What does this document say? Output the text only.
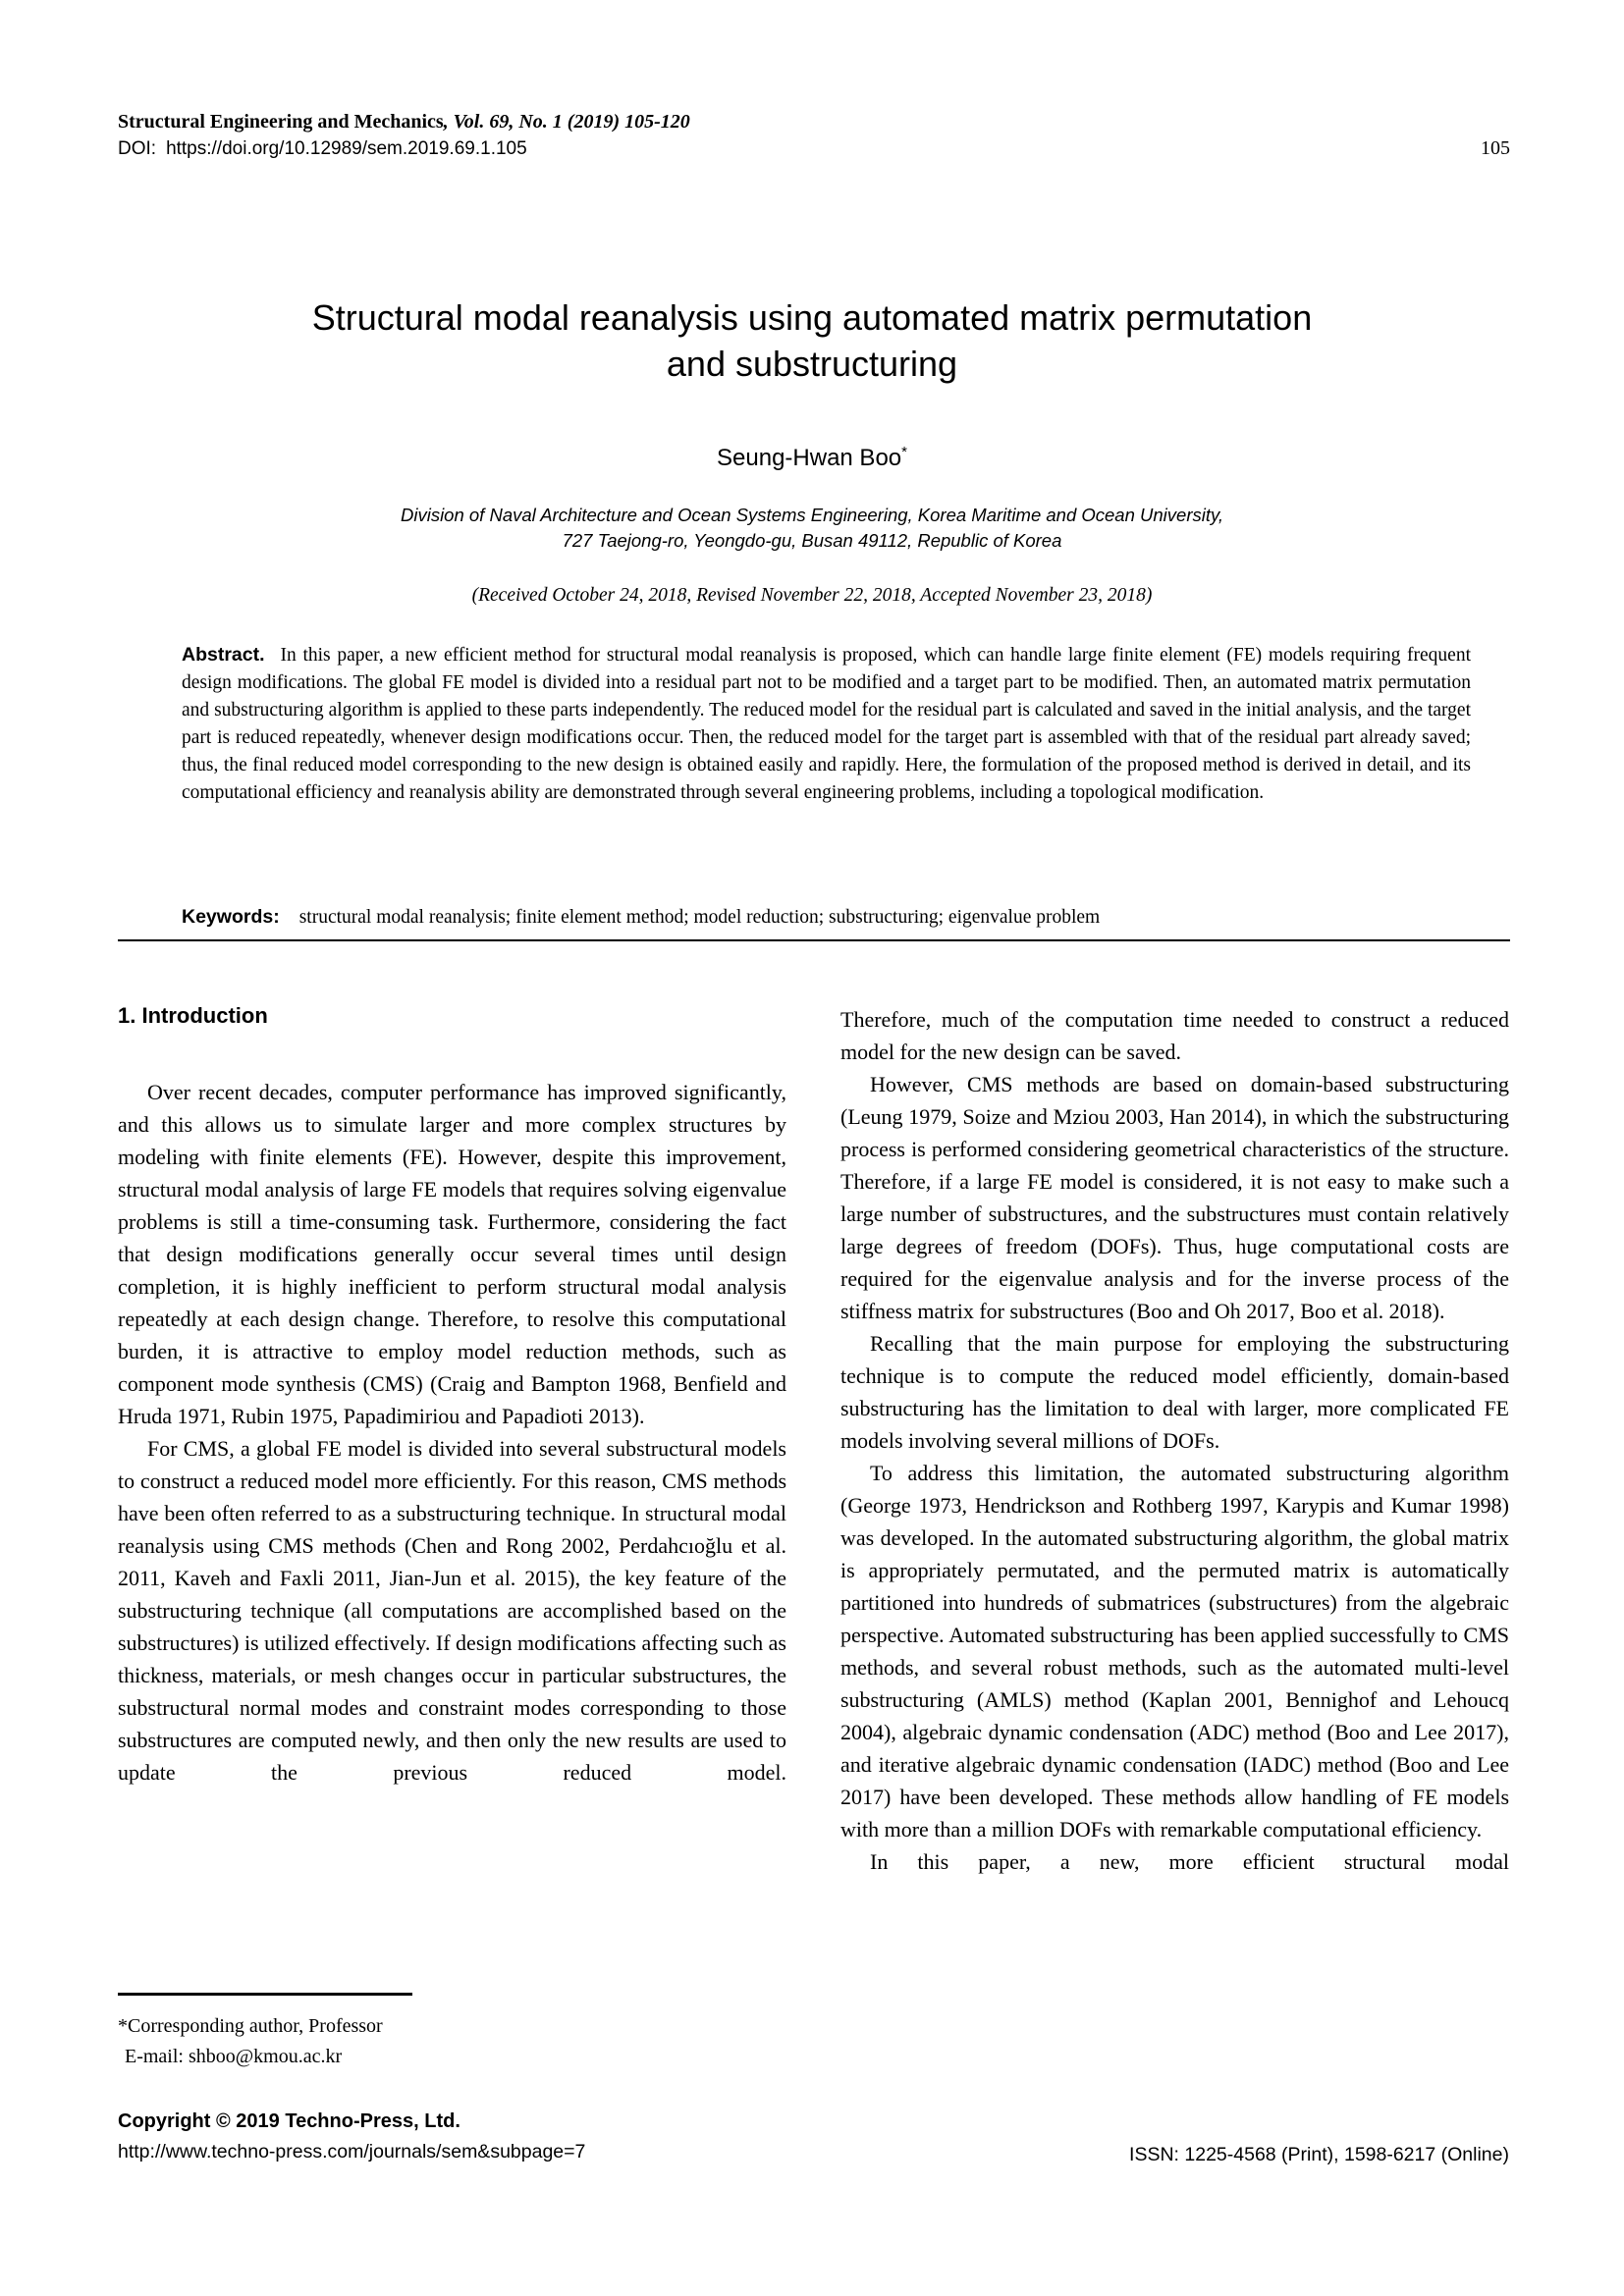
Structural Engineering and Mechanics, Vol. 69, No. 1 (2019) 105-120
DOI: https://doi.org/10.12989/sem.2019.69.1.105	105
Structural modal reanalysis using automated matrix permutation
and substructuring
Seung-Hwan Boo*
Division of Naval Architecture and Ocean Systems Engineering, Korea Maritime and Ocean University,
727 Taejong-ro, Yeongdo-gu, Busan 49112, Republic of Korea
(Received October 24, 2018, Revised November 22, 2018, Accepted November 23, 2018)
Abstract. In this paper, a new efficient method for structural modal reanalysis is proposed, which can handle large finite element (FE) models requiring frequent design modifications. The global FE model is divided into a residual part not to be modified and a target part to be modified. Then, an automated matrix permutation and substructuring algorithm is applied to these parts independently. The reduced model for the residual part is calculated and saved in the initial analysis, and the target part is reduced repeatedly, whenever design modifications occur. Then, the reduced model for the target part is assembled with that of the residual part already saved; thus, the final reduced model corresponding to the new design is obtained easily and rapidly. Here, the formulation of the proposed method is derived in detail, and its computational efficiency and reanalysis ability are demonstrated through several engineering problems, including a topological modification.
Keywords: structural modal reanalysis; finite element method; model reduction; substructuring; eigenvalue problem
1. Introduction

Over recent decades, computer performance has improved significantly, and this allows us to simulate larger and more complex structures by modeling with finite elements (FE). However, despite this improvement, structural modal analysis of large FE models that requires solving eigenvalue problems is still a time-consuming task. Furthermore, considering the fact that design modifications generally occur several times until design completion, it is highly inefficient to perform structural modal analysis repeatedly at each design change. Therefore, to resolve this computational burden, it is attractive to employ model reduction methods, such as component mode synthesis (CMS) (Craig and Bampton 1968, Benfield and Hruda 1971, Rubin 1975, Papadimiriou and Papadioti 2013).

For CMS, a global FE model is divided into several substructural models to construct a reduced model more efficiently. For this reason, CMS methods have been often referred to as a substructuring technique. In structural modal reanalysis using CMS methods (Chen and Rong 2002, Perdahcıoğlu et al. 2011, Kaveh and Faxli 2011, Jian-Jun et al. 2015), the key feature of the substructuring technique (all computations are accomplished based on the substructures) is utilized effectively. If design modifications affecting such as thickness, materials, or mesh changes occur in particular substructures, the substructural normal modes and constraint modes corresponding to those substructures are computed newly, and then only the new results are used to update the previous reduced model.

Therefore, much of the computation time needed to construct a reduced model for the new design can be saved.

However, CMS methods are based on domain-based substructuring (Leung 1979, Soize and Mziou 2003, Han 2014), in which the substructuring process is performed considering geometrical characteristics of the structure. Therefore, if a large FE model is considered, it is not easy to make such a large number of substructures, and the substructures must contain relatively large degrees of freedom (DOFs). Thus, huge computational costs are required for the eigenvalue analysis and for the inverse process of the stiffness matrix for substructures (Boo and Oh 2017, Boo et al. 2018).

Recalling that the main purpose for employing the substructuring technique is to compute the reduced model efficiently, domain-based substructuring has the limitation to deal with larger, more complicated FE models involving several millions of DOFs.

To address this limitation, the automated substructuring algorithm (George 1973, Hendrickson and Rothberg 1997, Karypis and Kumar 1998) was developed. In the automated substructuring algorithm, the global matrix is appropriately permutated, and the permuted matrix is automatically partitioned into hundreds of submatrices (substructures) from the algebraic perspective. Automated substructuring has been applied successfully to CMS methods, and several robust methods, such as the automated multi-level substructuring (AMLS) method (Kaplan 2001, Bennighof and Lehoucq 2004), algebraic dynamic condensation (ADC) method (Boo and Lee 2017), and iterative algebraic dynamic condensation (IADC) method (Boo and Lee 2017) have been developed. These methods allow handling of FE models with more than a million DOFs with remarkable computational efficiency.

In this paper, a new, more efficient structural modal

*Corresponding author, Professor
E-mail: shboo@kmou.ac.kr
Copyright © 2019 Techno-Press, Ltd.
http://www.techno-press.com/journals/sem&subpage=7	ISSN: 1225-4568 (Print), 1598-6217 (Online)
